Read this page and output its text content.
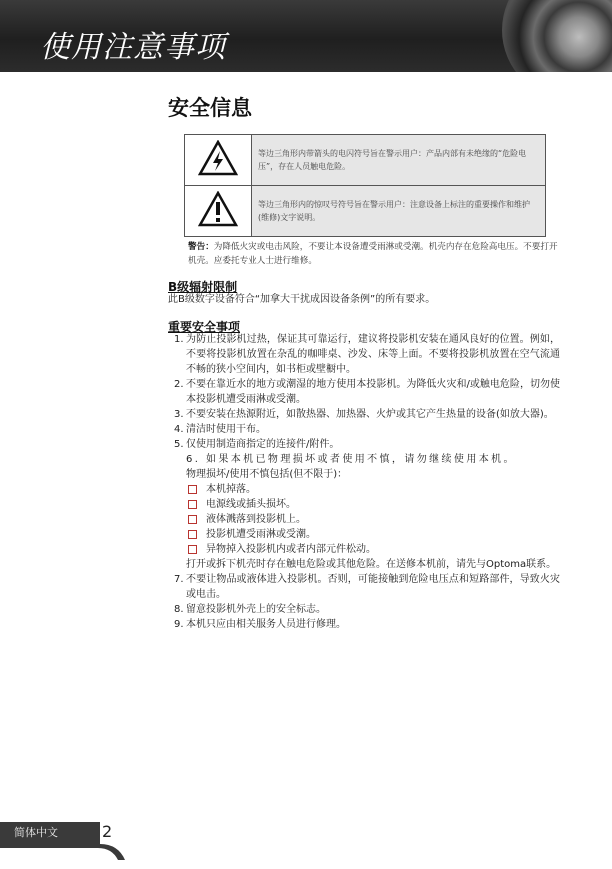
使用注意事项
安全信息
	等边三角形内带箭头的电闪符号旨在警示用户：产品内部有未绝缘的“危险电压”，存在人员触电危险。
	等边三角形内的惊叹号符号旨在警示用户：注意设备上标注的重要操作和维护(维修)文字说明。
警告：为降低火灾或电击风险，不要让本设备遭受雨淋或受潮。机壳内存在危险高电压。不要打开机壳。应委托专业人士进行维修。
B级辐射限制
此B级数字设备符合“加拿大干扰成因设备条例”的所有要求。
重要安全事项
1. 为防止投影机过热，保证其可靠运行，建议将投影机安装在通风良好的位置。例如，不要将投影机放置在杂乱的咖啡桌、沙发、床等上面。不要将投影机放置在空气流通不畅的狭小空间内，如书柜或壁橱中。
2. 不要在靠近水的地方或潮湿的地方使用本投影机。为降低火灾和/或触电危险，切勿使本投影机遭受雨淋或受潮。
3. 不要安装在热源附近，如散热器、加热器、火炉或其它产生热量的设备(如放大器)。
4. 清洁时使用干布。
5. 仅使用制造商指定的连接件/附件。
6. 如果本机已物理损坏或者使用不慎，请勿继续使用本机。
物理损坏/使用不慎包括(但不限于)：
本机掉落。
电源线或插头损坏。
液体溅落到投影机上。
投影机遭受雨淋或受潮。
异物掉入投影机内或者内部元件松动。
打开或拆下机壳时存在触电危险或其他危险。在送修本机前，请先与Optoma联系。
7. 不要让物品或液体进入投影机。否则，可能接触到危险电压点和短路部件，导致火灾或电击。
8. 留意投影机外壳上的安全标志。
9. 本机只应由相关服务人员进行修理。
简体中文	2
